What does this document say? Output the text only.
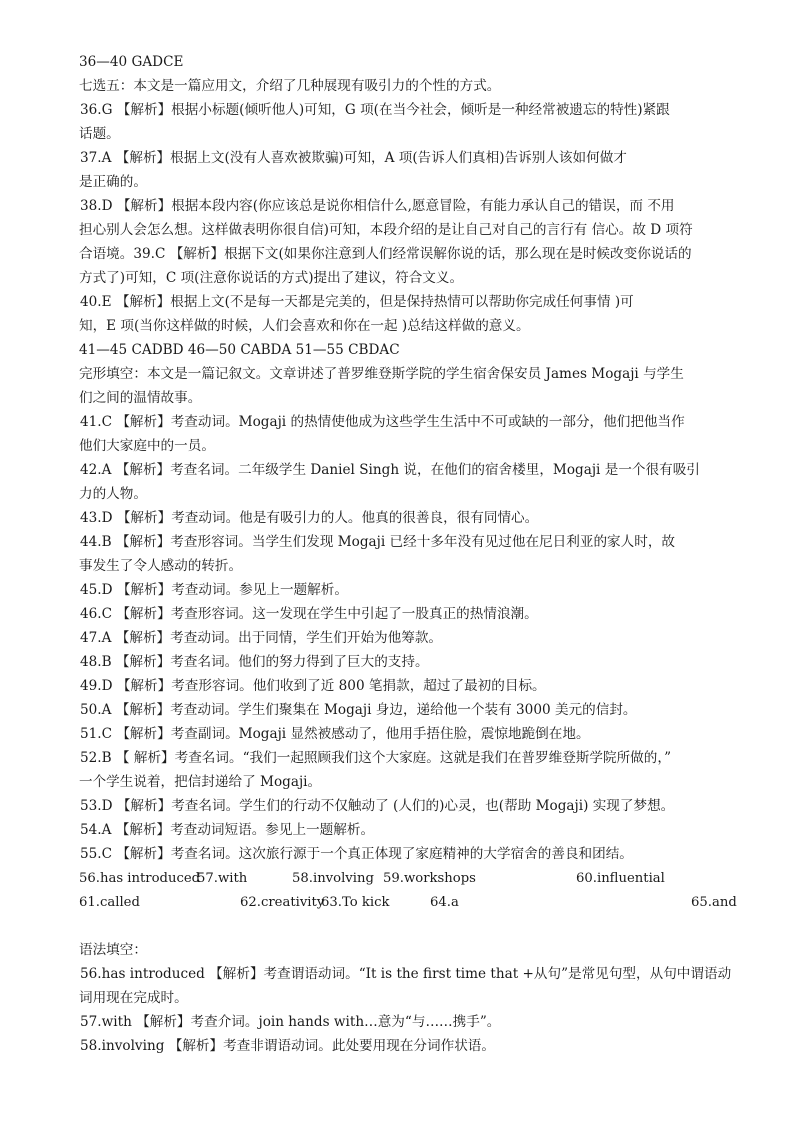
36—40 GADCE
七选五：本文是一篇应用文，介绍了几种展现有吸引力的个性的方式。
36.G 【解析】根据小标题(倾听他人)可知，G 项(在当今社会，倾听是一种经常被遗忘的特性)紧跟
话题。
37.A 【解析】根据上文(没有人喜欢被欺骗)可知，A 项(告诉人们真相)告诉别人该如何做才
是正确的。
38.D 【解析】根据本段内容(你应该总是说你相信什么,愿意冒险，有能力承认自己的错误，而 不用
担心别人会怎么想。这样做表明你很自信)可知，本段介绍的是让自己对自己的言行有 信心。故 D 项符
合语境。39.C 【解析】根据下文(如果你注意到人们经常误解你说的话，那么现在是时候改变你说话的
方式了)可知，C 项(注意你说话的方式)提出了建议，符合文义。
40.E 【解析】根据上文(不是每一天都是完美的，但是保持热情可以帮助你完成任何事情 )可
知，E 项(当你这样做的时候，人们会喜欢和你在一起 )总结这样做的意义。
41—45 CADBD 46—50 CABDA 51—55 CBDAC
完形填空：本文是一篇记叙文。文章讲述了普罗维登斯学院的学生宿舍保安员 James Mogaji 与学生
们之间的温情故事。
41.C 【解析】考查动词。Mogaji 的热情使他成为这些学生生活中不可或缺的一部分，他们把他当作
他们大家庭中的一员。
42.A 【解析】考查名词。二年级学生 Daniel Singh 说，在他们的宿舍楼里，Mogaji 是一个很有吸引
力的人物。
43.D 【解析】考查动词。他是有吸引力的人。他真的很善良，很有同情心。
44.B 【解析】考查形容词。当学生们发现 Mogaji 已经十多年没有见过他在尼日利亚的家人时，故
事发生了令人感动的转折。
45.D 【解析】考查动词。参见上一题解析。
46.C 【解析】考查形容词。这一发现在学生中引起了一股真正的热情浪潮。
47.A 【解析】考查动词。出于同情，学生们开始为他筹款。
48.B 【解析】考查名词。他们的努力得到了巨大的支持。
49.D 【解析】考查形容词。他们收到了近 800 笔捐款，超过了最初的目标。
50.A 【解析】考查动词。学生们聚集在 Mogaji 身边，递给他一个装有 3000 美元的信封。
51.C 【解析】考查副词。Mogaji 显然被感动了，他用手捂住脸，震惊地跪倒在地。
52.B 【 解析】考查名词。“我们一起照顾我们这个大家庭。这就是我们在普罗维登斯学院所做的，”
一个学生说着，把信封递给了 Mogaji。
53.D 【解析】考查名词。学生们的行动不仅触动了 (人们的)心灵，也(帮助 Mogaji) 实现了梦想。
54.A 【解析】考查动词短语。参见上一题解析。
55.C 【解析】考查名词。这次旅行源于一个真正体现了家庭精神的大学宿舍的善良和团结。
56.has introduced
57.with	58.involving 59.workshops	60.influential
61.called	62.creativity
63.To kick	64.a	65.and
语法填空：
56.has introduced 【解析】考查谓语动词。“It is the first time that +从句”是常见句型，从句中谓语动
词用现在完成时。
57.with 【解析】考查介词。join hands with…意为“与……携手”。
58.involving 【解析】考查非谓语动词。此处要用现在分词作状语。
